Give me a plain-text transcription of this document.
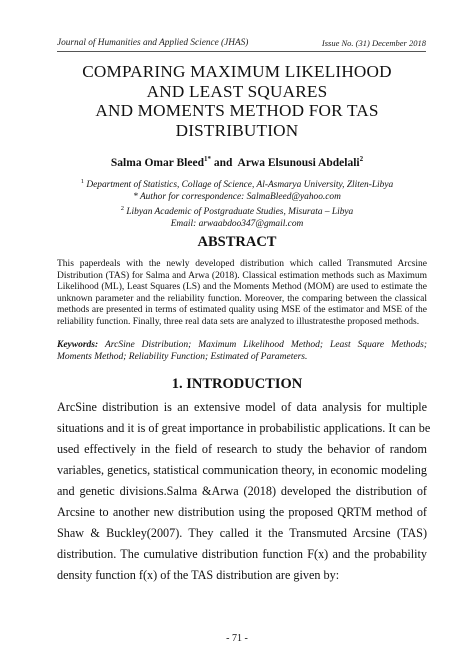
Journal of Humanities and Applied Science (JHAS)	Issue No. (31) December 2018
COMPARING MAXIMUM LIKELIHOOD
AND LEAST SQUARES
AND MOMENTS METHOD FOR TAS
DISTRIBUTION
Salma Omar Bleed$^{1*}$ and  Arwa Elsunousi Abdelali$^2$
$^1$ Department of Statistics, Collage of Science, Al-Asmarya University, Zliten-Libya
* Author for correspondence: SalmaBleed@yahoo.com
$^2$ Libyan Academic of Postgraduate Studies, Misurata – Libya
Email: arwaabdoo347@gmail.com
ABSTRACT
This paperdeals with the newly developed distribution which called Transmuted Arcsine Distribution (TAS) for Salma and Arwa (2018). Classical estimation methods such as Maximum Likelihood (ML), Least Squares (LS) and the Moments Method (MOM) are used to estimate the unknown parameter and the reliability function. Moreover, the comparing between the classical methods are presented in terms of estimated quality using MSE of the estimator and MSE of the reliability function. Finally, three real data sets are analyzed to illustratesthe proposed methods.
Keywords: ArcSine Distribution; Maximum Likelihood Method; Least Square Methods; Moments Method; Reliability Function; Estimated of Parameters.
1. INTRODUCTION
ArcSine distribution is an extensive model of data analysis for multiple
situations and it is of great importance in probabilistic applications. It can be
used effectively in the field of research to study the behavior of random
variables, genetics, statistical communication theory, in economic modeling
and genetic divisions.Salma &Arwa (2018) developed the distribution of
Arcsine to another new distribution using the proposed QRTM method of
Shaw & Buckley(2007). They called it the Transmuted Arcsine (TAS)
distribution. The cumulative distribution function F(x) and the probability
density function f(x) of the TAS distribution are given by:
- 71 -
